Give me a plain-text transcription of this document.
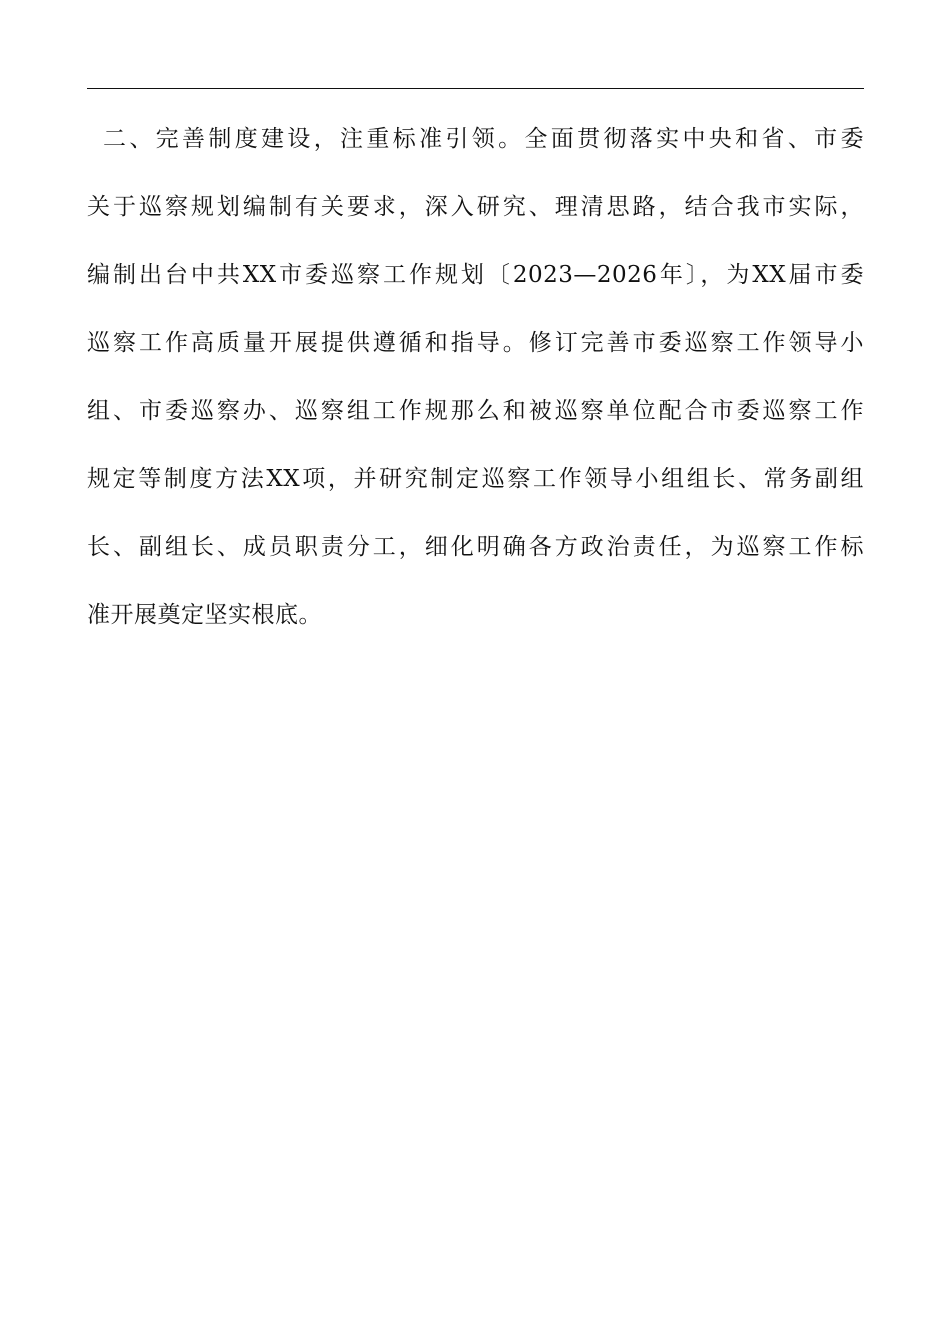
二、完善制度建设，注重标准引领。全面贯彻落实中央和省、市委
关于巡察规划编制有关要求，深入研究、理清思路，结合我市实际，
编制出台中共XX市委巡察工作规划〔2023—2026年〕，为XX届市委
巡察工作高质量开展提供遵循和指导。修订完善市委巡察工作领导小
组、市委巡察办、巡察组工作规那么和被巡察单位配合市委巡察工作
规定等制度方法XX项，并研究制定巡察工作领导小组组长、常务副组
长、副组长、成员职责分工，细化明确各方政治责任，为巡察工作标
准开展奠定坚实根底。
